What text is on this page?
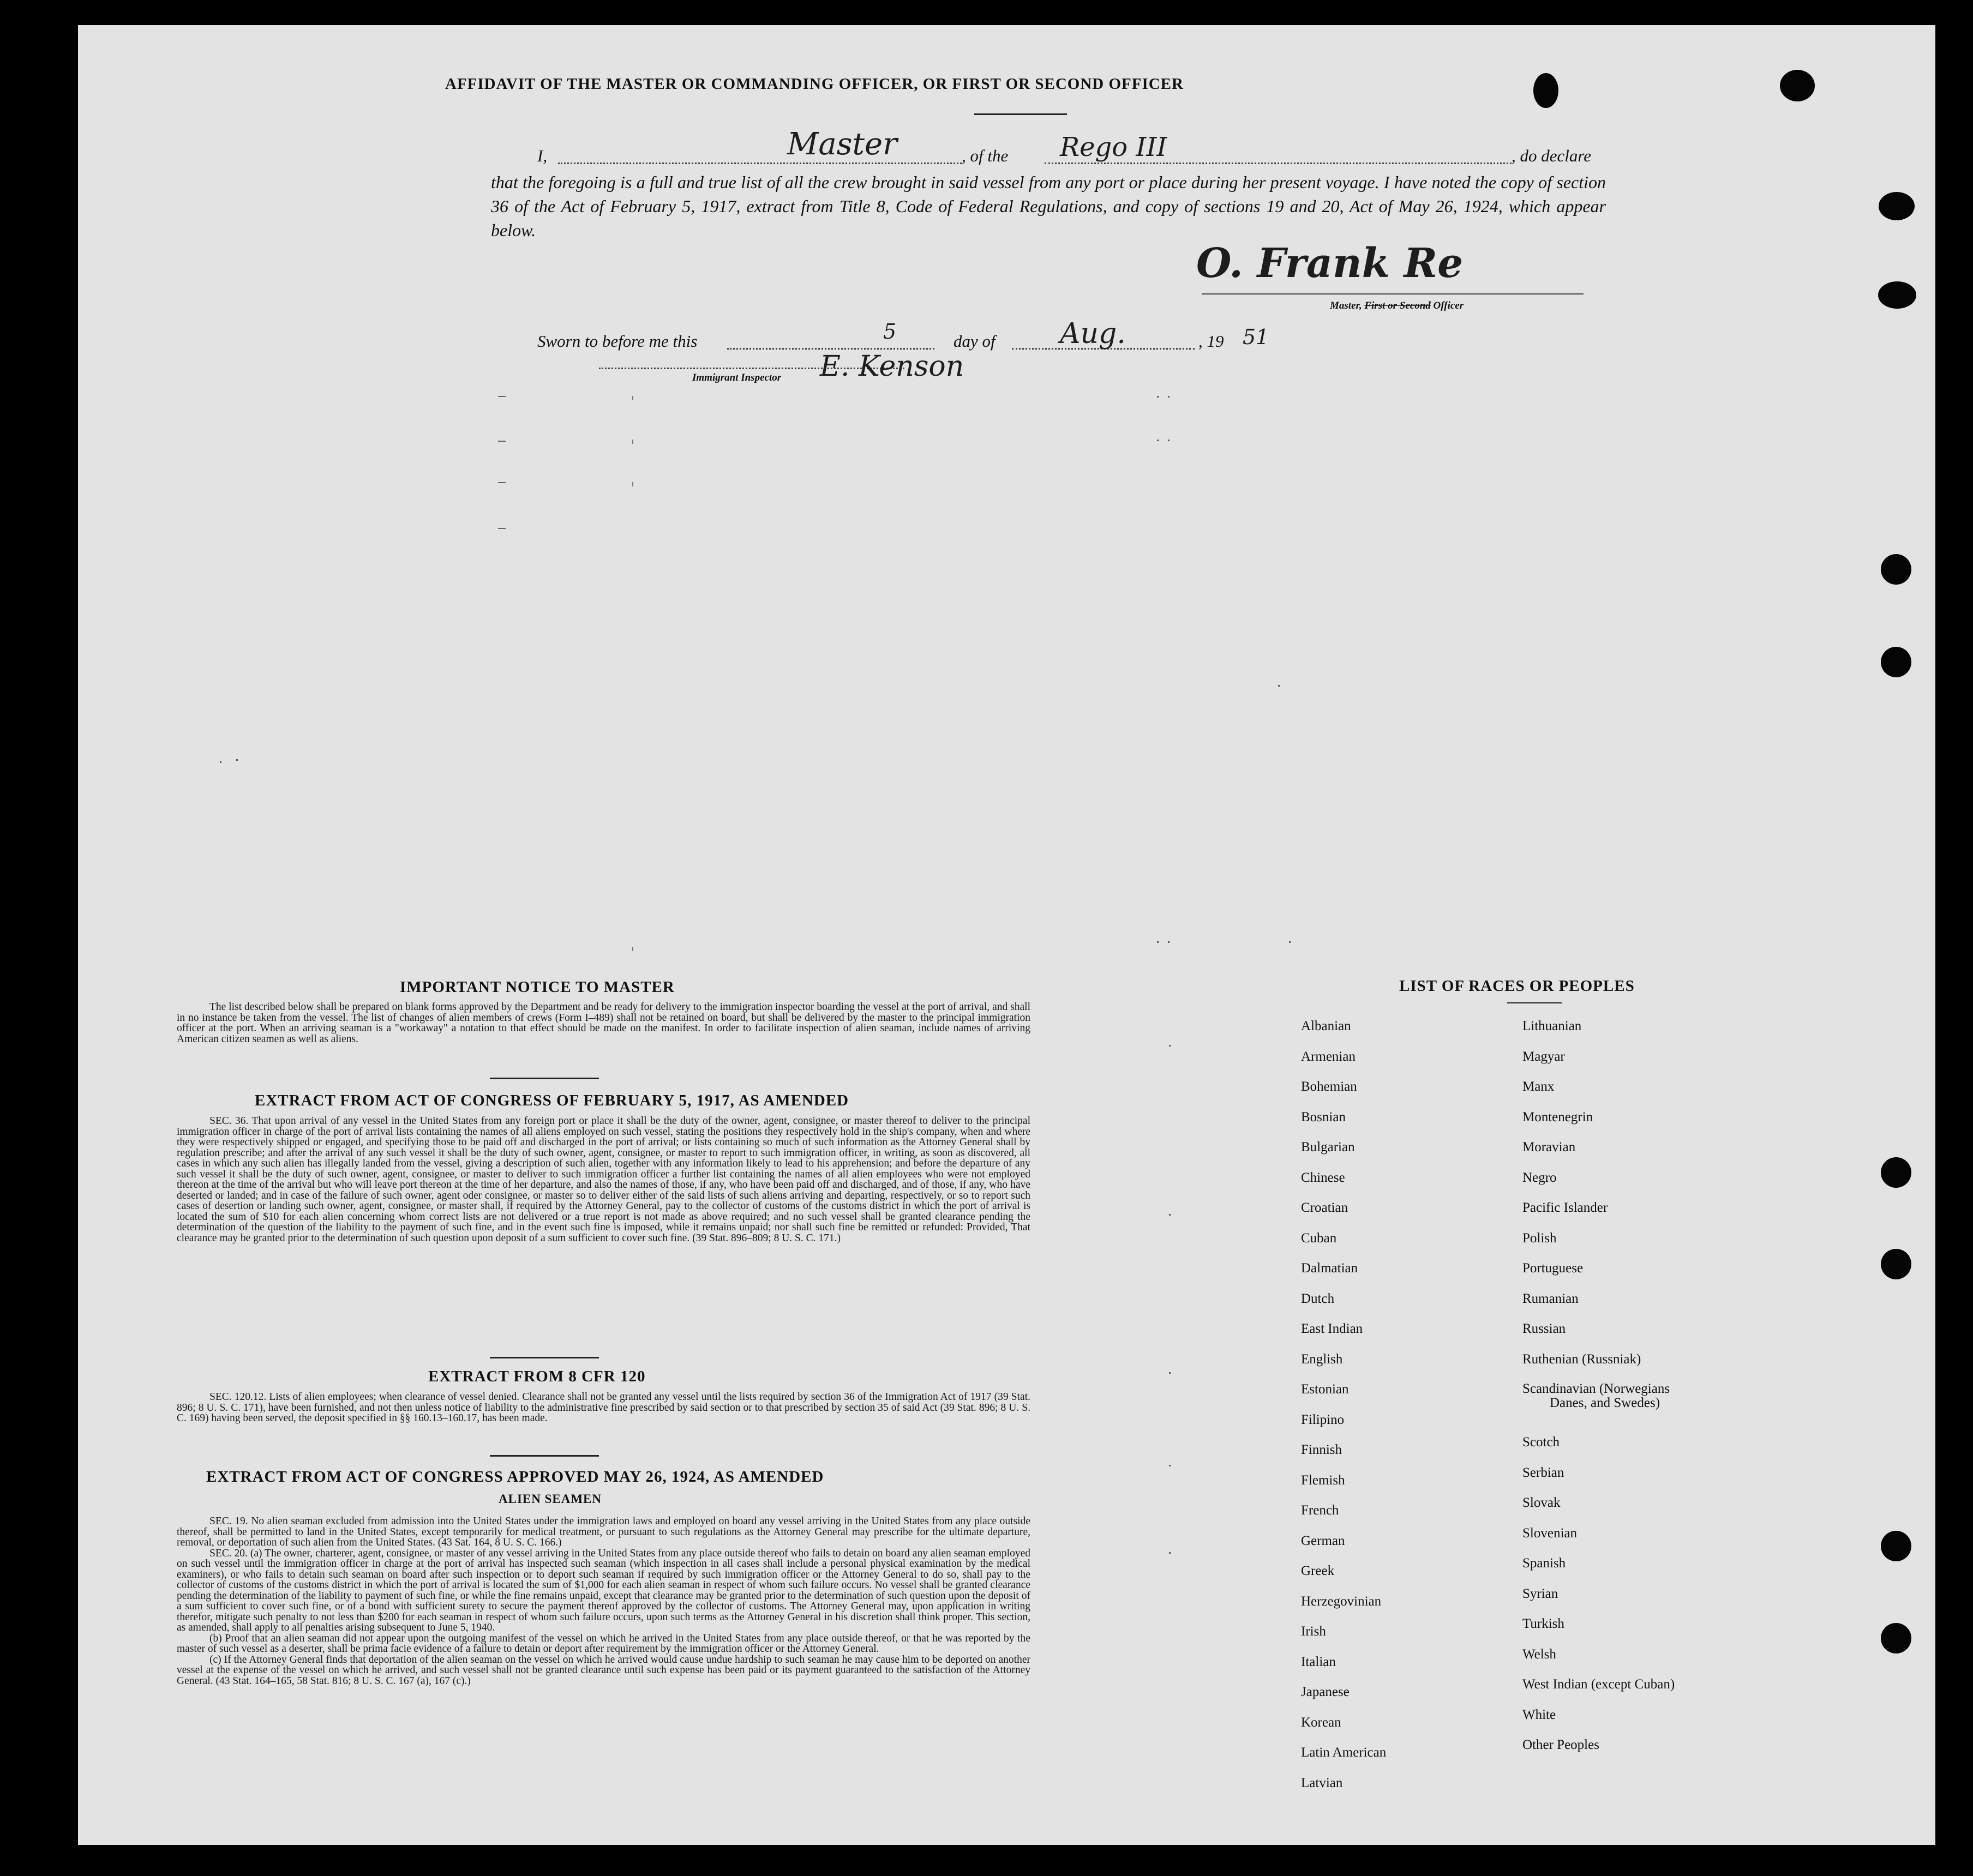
AFFIDAVIT OF THE MASTER OR COMMANDING OFFICER, OR FIRST OR SECOND OFFICER
I,	Master	, of the Rego III	, do declare

that the foregoing is a full and true list of all the crew brought in said vessel from any port or place during her present voyage. I have noted the copy of section 36 of the Act of February 5, 1917, extract from Title 8, Code of Federal Regulations, and copy of sections 19 and 20, Act of May 26, 1924, which appear below.

O. Frank Re
Master, First or Second Officer
Sworn to before me this	5	day of Aug.	, 19 51
E. Kenson
Immigrant Inspector
IMPORTANT NOTICE TO MASTER

The list described below shall be prepared on blank forms approved by the Department and be ready for delivery to the immigration inspector boarding the vessel at the port of arrival, and shall in no instance be taken from the vessel. The list of changes of alien members of crews (Form I–489) shall not be retained on board, but shall be delivered by the master to the principal immigration officer at the port. When an arriving seaman is a "workaway" a notation to that effect should be made on the manifest. In order to facilitate inspection of alien seaman, include names of arriving American citizen seamen as well as aliens.

EXTRACT FROM ACT OF CONGRESS OF FEBRUARY 5, 1917, AS AMENDED

SEC. 36. That upon arrival of any vessel in the United States from any foreign port or place it shall be the duty of the owner, agent, consignee, or master thereof to deliver to the principal immigration officer in charge of the port of arrival lists containing the names of all aliens employed on such vessel, stating the positions they respectively hold in the ship's company, when and where they were respectively shipped or engaged, and specifying those to be paid off and discharged in the port of arrival; or lists containing so much of such information as the Attorney General shall by regulation prescribe; and after the arrival of any such vessel it shall be the duty of such owner, agent, consignee, or master to report to such immigration officer, in writing, as soon as discovered, all cases in which any such alien has illegally landed from the vessel, giving a description of such alien, together with any information likely to lead to his apprehension; and before the departure of any such vessel it shall be the duty of such owner, agent, consignee, or master to deliver to such immigration officer a further list containing the names of all alien employees who were not employed thereon at the time of the arrival but who will leave port thereon at the time of her departure, and also the names of those, if any, who have been paid off and discharged, and of those, if any, who have deserted or landed; and in case of the failure of such owner, agent oder consignee, or master so to deliver either of the said lists of such aliens arriving and departing, respectively, or so to report such cases of desertion or landing such owner, agent, consignee, or master shall, if required by the Attorney General, pay to the collector of customs of the customs district in which the port of arrival is located the sum of $10 for each alien concerning whom correct lists are not delivered or a true report is not made as above required; and no such vessel shall be granted clearance pending the determination of the question of the liability to the payment of such fine, and in the event such fine is imposed, while it remains unpaid; nor shall such fine be remitted or refunded: Provided, That clearance may be granted prior to the determination of such question upon deposit of a sum sufficient to cover such fine. (39 Stat. 896–809; 8 U. S. C. 171.)

EXTRACT FROM 8 CFR 120

SEC. 120.12. Lists of alien employees; when clearance of vessel denied. Clearance shall not be granted any vessel until the lists required by section 36 of the Immigration Act of 1917 (39 Stat. 896; 8 U. S. C. 171), have been furnished, and not then unless notice of liability to the administrative fine prescribed by said section or to that prescribed by section 35 of said Act (39 Stat. 896; 8 U. S. C. 169) having been served, the deposit specified in §§ 160.13–160.17, has been made.

EXTRACT FROM ACT OF CONGRESS APPROVED MAY 26, 1924, AS AMENDED
ALIEN SEAMEN

SEC. 19. No alien seaman excluded from admission into the United States under the immigration laws and employed on board any vessel arriving in the United States from any place outside thereof, shall be permitted to land in the United States, except temporarily for medical treatment, or pursuant to such regulations as the Attorney General may prescribe for the ultimate departure, removal, or deportation of such alien from the United States. (43 Sat. 164, 8 U. S. C. 166.)

SEC. 20. (a) The owner, charterer, agent, consignee, or master of any vessel arriving in the United States from any place outside thereof who fails to detain on board any alien seaman employed on such vessel until the immigration officer in charge at the port of arrival has inspected such seaman (which inspection in all cases shall include a personal physical examination by the medical examiners), or who fails to detain such seaman on board after such inspection or to deport such seaman if required by such immigration officer or the Attorney General to do so, shall pay to the collector of customs of the customs district in which the port of arrival is located the sum of $1,000 for each alien seaman in respect of whom such failure occurs. No vessel shall be granted clearance pending the determination of the liability to payment of such fine, or while the fine remains unpaid, except that clearance may be granted prior to the determination of such question upon the deposit of a sum sufficient to cover such fine, or of a bond with sufficient surety to secure the payment thereof approved by the collector of customs. The Attorney General may, upon application in writing therefor, mitigate such penalty to not less than $200 for each seaman in respect of whom such failure occurs, upon such terms as the Attorney General in his discretion shall think proper. This section, as amended, shall apply to all penalties arising subsequent to June 5, 1940.

(b) Proof that an alien seaman did not appear upon the outgoing manifest of the vessel on which he arrived in the United States from any place outside thereof, or that he was reported by the master of such vessel as a deserter, shall be prima facie evidence of a failure to detain or deport after requirement by the immigration officer or the Attorney General.

(c) If the Attorney General finds that deportation of the alien seaman on the vessel on which he arrived would cause undue hardship to such seaman he may cause him to be deported on another vessel at the expense of the vessel on which he arrived, and such vessel shall not be granted clearance until such expense has been paid or its payment guaranteed to the satisfaction of the Attorney General. (43 Stat. 164–165, 58 Stat. 816; 8 U. S. C. 167 (a), 167 (c).)

LIST OF RACES OR PEOPLES
Albanian
Armenian
Bohemian
Bosnian
Bulgarian
Chinese
Croatian
Cuban
Dalmatian
Dutch
East Indian
English
Estonian
Filipino
Finnish
Flemish
French
German
Greek
Herzegovinian
Irish
Italian
Japanese
Korean
Latin American
Latvian
Lithuanian
Magyar
Manx
Montenegrin
Moravian
Negro
Pacific Islander
Polish
Portuguese
Rumanian
Russian
Ruthenian (Russniak)
Scandinavian (Norwegians
Danes, and Swedes)
Scotch
Serbian
Slovak
Slovenian
Spanish
Syrian
Turkish
Welsh
West Indian (except Cuban)
White
Other Peoples
